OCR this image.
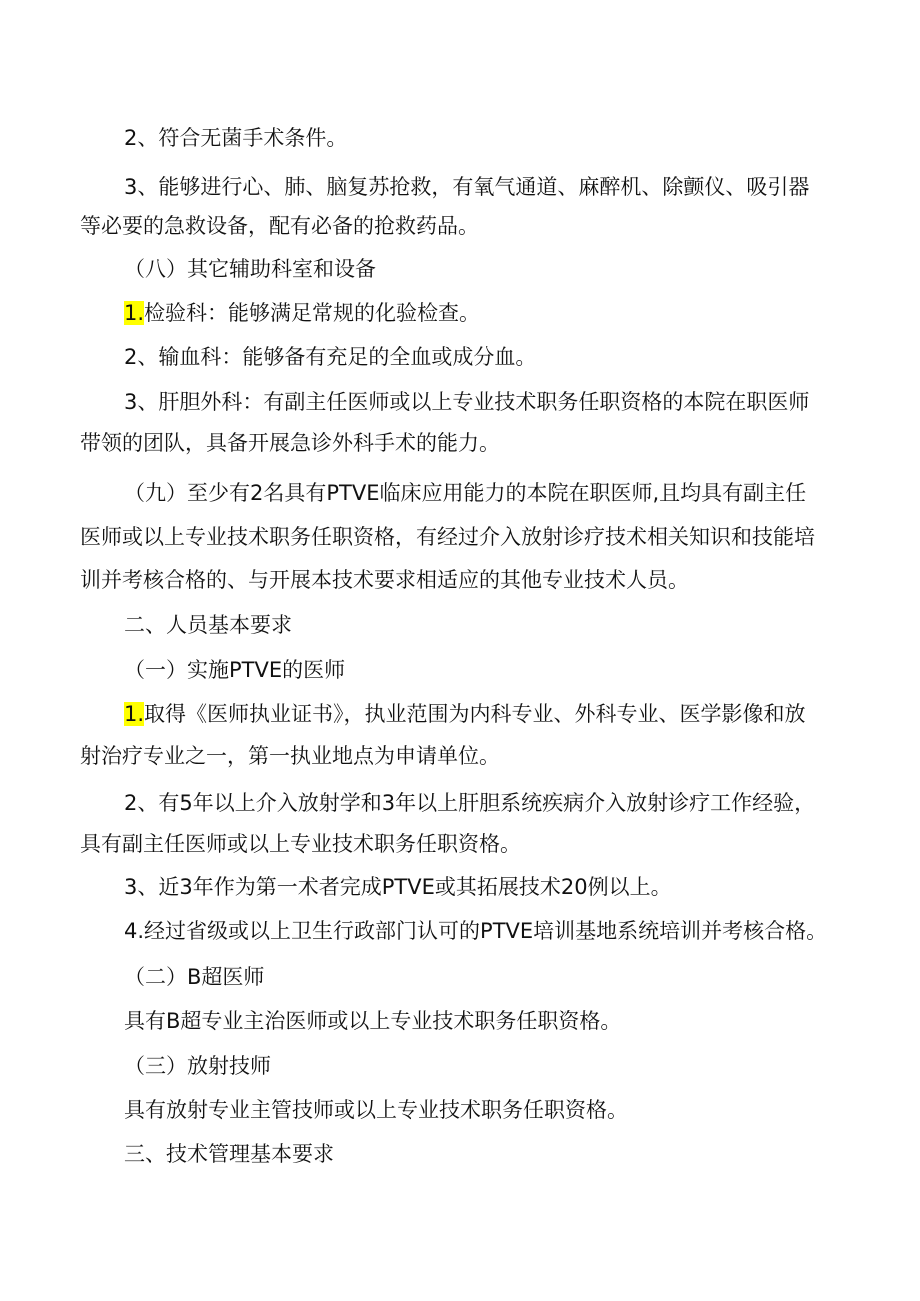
2、符合无菌手术条件。

3、能够进行心、肺、脑复苏抢救，有氧气通道、麻醉机、除颤仪、吸引器

等必要的急救设备，配有必备的抢救药品。

（八）其它辅助科室和设备

1.检验科：能够满足常规的化验检查。

2、输血科：能够备有充足的全血或成分血。

3、肝胆外科：有副主任医师或以上专业技术职务任职资格的本院在职医师

带领的团队，具备开展急诊外科手术的能力。

（九）至少有2名具有PTVE临床应用能力的本院在职医师,且均具有副主任

医师或以上专业技术职务任职资格，有经过介入放射诊疗技术相关知识和技能培

训并考核合格的、与开展本技术要求相适应的其他专业技术人员。

二、人员基本要求

（一）实施PTVE的医师

1.取得《医师执业证书》，执业范围为内科专业、外科专业、医学影像和放

射治疗专业之一，第一执业地点为申请单位。

2、有5年以上介入放射学和3年以上肝胆系统疾病介入放射诊疗工作经验，

具有副主任医师或以上专业技术职务任职资格。

3、近3年作为第一术者完成PTVE或其拓展技术20例以上。

4.经过省级或以上卫生行政部门认可的PTVE培训基地系统培训并考核合格。

（二）B超医师

具有B超专业主治医师或以上专业技术职务任职资格。

（三）放射技师

具有放射专业主管技师或以上专业技术职务任职资格。

三、技术管理基本要求
